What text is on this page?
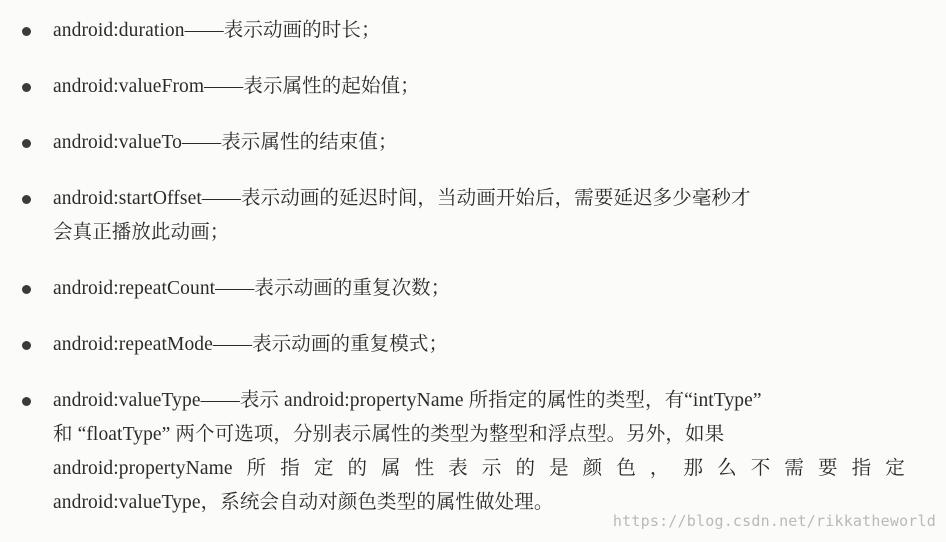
android:duration——表示动画的时长；
android:valueFrom——表示属性的起始值；
android:valueTo——表示属性的结束值；
android:startOffset——表示动画的延迟时间，当动画开始后，需要延迟多少毫秒才
会真正播放此动画；
android:repeatCount——表示动画的重复次数；
android:repeatMode——表示动画的重复模式；
android:valueType——表示 android:propertyName 所指定的属性的类型，有“intType”
和 “floatType” 两个可选项，分别表示属性的类型为整型和浮点型。另外，如果
android:propertyName 所 指 定 的 属 性 表 示 的 是 颜 色 ， 那 么 不 需 要 指 定
android:valueType，系统会自动对颜色类型的属性做处理。
https://blog.csdn.net/rikkatheworld
